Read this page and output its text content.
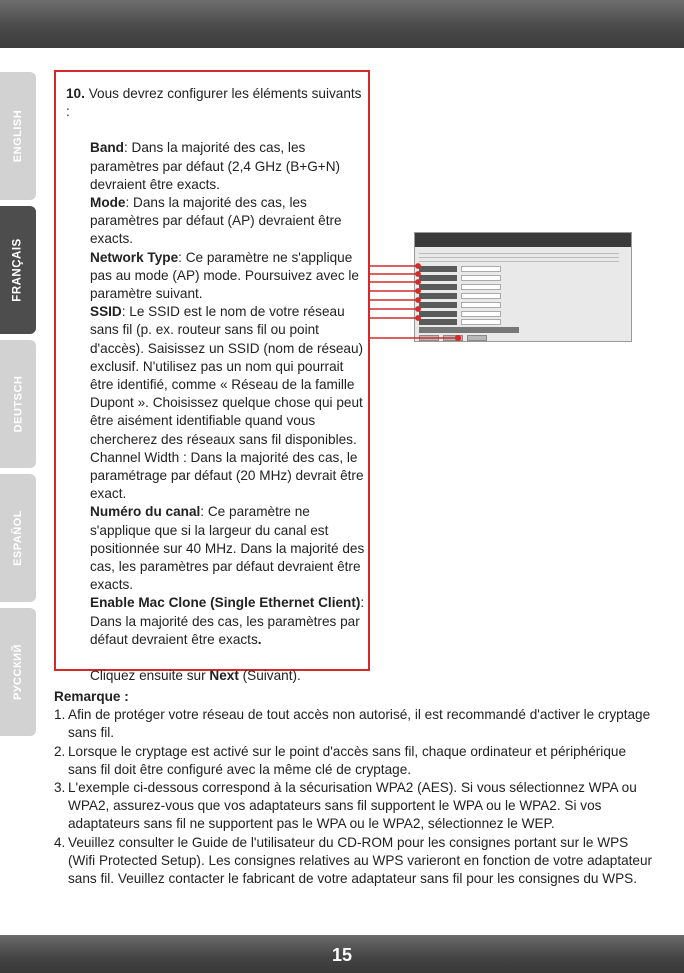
ENGLISH
FRANÇAIS
DEUTSCH
ESPAÑOL
РУССКИЙ

10. Vous devrez configurer les éléments suivants :

Band: Dans la majorité des cas, les paramètres par défaut (2,4 GHz (B+G+N) devraient être exacts.

Mode: Dans la majorité des cas, les paramètres par défaut (AP) devraient être exacts.

Network Type: Ce paramètre ne s'applique pas au mode (AP) mode. Poursuivez avec le paramètre suivant.

SSID: Le SSID est le nom de votre réseau sans fil (p. ex. routeur sans fil ou point d'accès). Saisissez un SSID (nom de réseau) exclusif. N'utilisez pas un nom qui pourrait être identifié, comme « Réseau de la famille Dupont ». Choisissez quelque chose qui peut être aisément identifiable quand vous chercherez des réseaux sans fil disponibles.

Channel Width : Dans la majorité des cas, le paramétrage par défaut (20 MHz) devrait être exact.

Numéro du canal: Ce paramètre ne s'applique que si la largeur du canal est positionnée sur 40 MHz. Dans la majorité des cas, les paramètres par défaut devraient être exacts.

Enable Mac Clone (Single Ethernet Client): Dans la majorité des cas, les paramètres par défaut devraient être exacts.

Cliquez ensuite sur Next (Suivant).

Remarque :

1. Afin de protéger votre réseau de tout accès non autorisé, il est recommandé d'activer le cryptage sans fil.
2. Lorsque le cryptage est activé sur le point d'accès sans fil, chaque ordinateur et périphérique sans fil doit être configuré avec la même clé de cryptage.
3. L'exemple ci-dessous correspond à la sécurisation WPA2 (AES). Si vous sélectionnez WPA ou WPA2, assurez-vous que vos adaptateurs sans fil supportent le WPA ou le WPA2. Si vos adaptateurs sans fil ne supportent pas le WPA ou le WPA2, sélectionnez le WEP.
4. Veuillez consulter le Guide de l'utilisateur du CD-ROM pour les consignes portant sur le WPS (Wifi Protected Setup). Les consignes relatives au WPS varieront en fonction de votre adaptateur sans fil. Veuillez contacter le fabricant de votre adaptateur sans fil pour les consignes du WPS.
15
